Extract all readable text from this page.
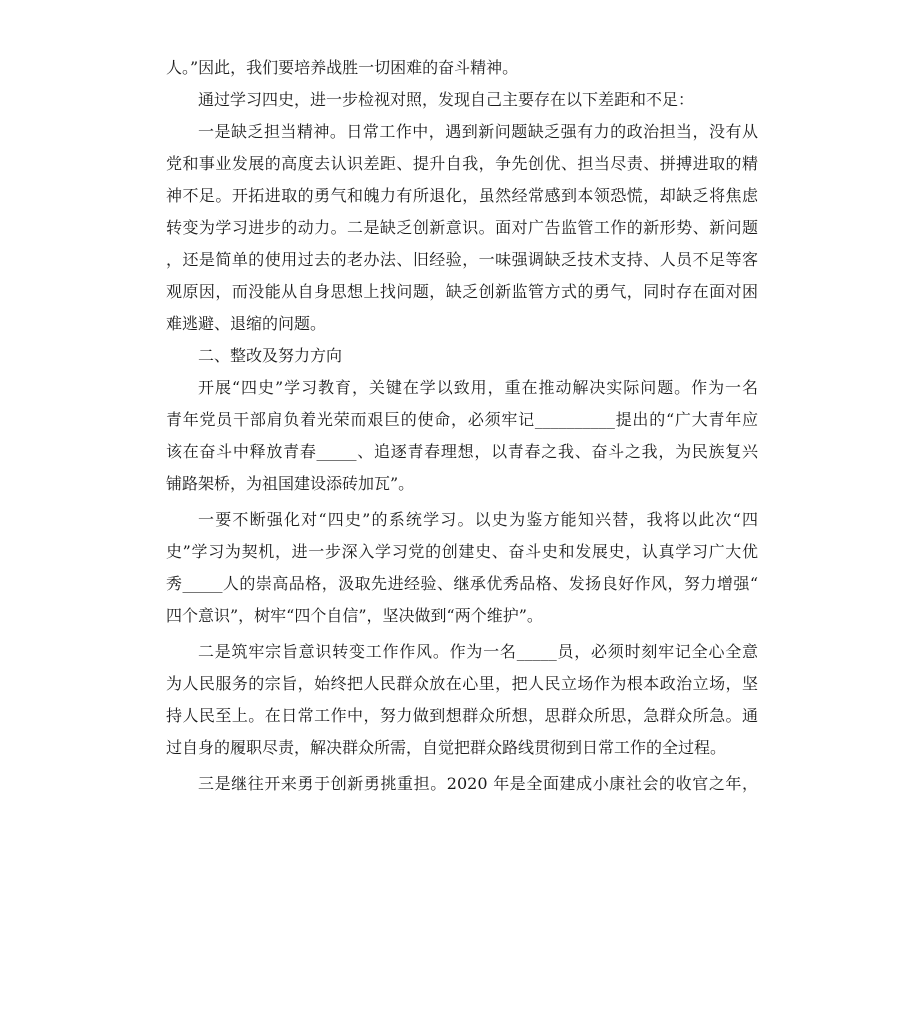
人。”因此，我们要培养战胜一切困难的奋斗精神。
通过学习四史，进一步检视对照，发现自己主要存在以下差距和不足：
一是缺乏担当精神。日常工作中，遇到新问题缺乏强有力的政治担当，没有从
党和事业发展的高度去认识差距、提升自我，争先创优、担当尽责、拼搏进取的精
神不足。开拓进取的勇气和魄力有所退化，虽然经常感到本领恐慌，却缺乏将焦虑
转变为学习进步的动力。二是缺乏创新意识。面对广告监管工作的新形势、新问题
，还是简单的使用过去的老办法、旧经验，一味强调缺乏技术支持、人员不足等客
观原因，而没能从自身思想上找问题，缺乏创新监管方式的勇气，同时存在面对困
难逃避、退缩的问题。
二、整改及努力方向
开展“四史”学习教育，关键在学以致用，重在推动解决实际问题。作为一名
青年党员干部肩负着光荣而艰巨的使命，必须牢记__________提出的“广大青年应
该在奋斗中释放青春_____、追逐青春理想，以青春之我、奋斗之我，为民族复兴
铺路架桥，为祖国建设添砖加瓦”。
一要不断强化对“四史”的系统学习。以史为鉴方能知兴替，我将以此次“四
史”学习为契机，进一步深入学习党的创建史、奋斗史和发展史，认真学习广大优
秀_____人的崇高品格，汲取先进经验、继承优秀品格、发扬良好作风，努力增强“
四个意识”，树牢“四个自信”，坚决做到“两个维护”。
二是筑牢宗旨意识转变工作作风。作为一名_____员，必须时刻牢记全心全意
为人民服务的宗旨，始终把人民群众放在心里，把人民立场作为根本政治立场，坚
持人民至上。在日常工作中，努力做到想群众所想，思群众所思，急群众所急。通
过自身的履职尽责，解决群众所需，自觉把群众路线贯彻到日常工作的全过程。
三是继往开来勇于创新勇挑重担。2020 年是全面建成小康社会的收官之年，
